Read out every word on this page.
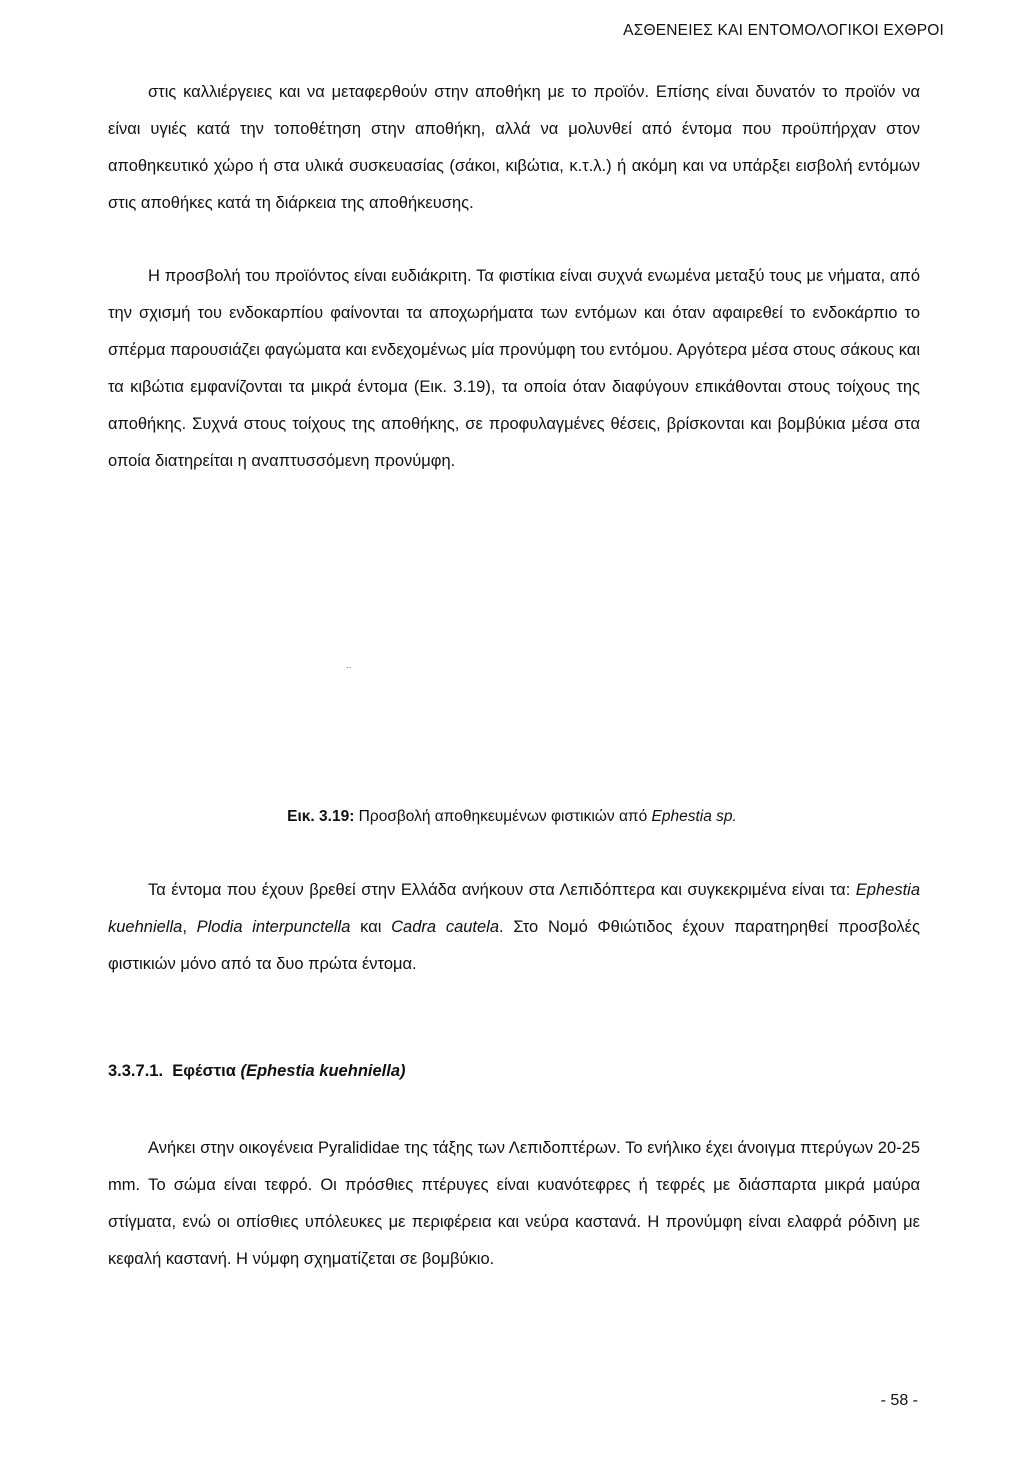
ΑΣΘΕΝΕΙΕΣ ΚΑΙ ΕΝΤΟΜΟΛΟΓΙΚΟΙ ΕΧΘΡΟΙ

στις καλλιέργειες και να μεταφερθούν στην αποθήκη με το προϊόν. Επίσης είναι δυνατόν το προϊόν να είναι υγιές κατά την τοποθέτηση στην αποθήκη, αλλά να μολυνθεί από έντομα που προϋπήρχαν στον αποθηκευτικό χώρο ή στα υλικά συσκευασίας (σάκοι, κιβώτια, κ.τ.λ.) ή ακόμη και να υπάρξει εισβολή εντόμων στις αποθήκες κατά τη διάρκεια της αποθήκευσης.

Η προσβολή του προϊόντος είναι ευδιάκριτη. Τα φιστίκια είναι συχνά ενωμένα μεταξύ τους με νήματα, από την σχισμή του ενδοκαρπίου φαίνονται τα αποχωρήματα των εντόμων και όταν αφαιρεθεί το ενδοκάρπιο το σπέρμα παρουσιάζει φαγώματα και ενδεχομένως μία προνύμφη του εντόμου. Αργότερα μέσα στους σάκους και τα κιβώτια εμφανίζονται τα μικρά έντομα (Εικ. 3.19), τα οποία όταν διαφύγουν επικάθονται στους τοίχους της αποθήκης. Συχνά στους τοίχους της αποθήκης, σε προφυλαγμένες θέσεις, βρίσκονται και βομβύκια μέσα στα οποία διατηρείται η αναπτυσσόμενη προνύμφη.

..
Εικ. 3.19: Προσβολή αποθηκευμένων φιστικιών από Ephestia sp.

Τα έντομα που έχουν βρεθεί στην Ελλάδα ανήκουν στα Λεπιδόπτερα και συγκεκριμένα είναι τα: Ephestia kuehniella, Plodia interpunctella και Cadra cautela. Στο Νομό Φθιώτιδος έχουν παρατηρηθεί προσβολές φιστικιών μόνο από τα δυο πρώτα έντομα.

3.3.7.1. Εφέστια (Ephestia kuehniella)

Ανήκει στην οικογένεια Pyralididae της τάξης των Λεπιδοπτέρων. Το ενήλικο έχει άνοιγμα πτερύγων 20-25 mm. Το σώμα είναι τεφρό. Οι πρόσθιες πτέρυγες είναι κυανότεφρες ή τεφρές με διάσπαρτα μικρά μαύρα στίγματα, ενώ οι οπίσθιες υπόλευκες με περιφέρεια και νεύρα καστανά. Η προνύμφη είναι ελαφρά ρόδινη με κεφαλή καστανή. Η νύμφη σχηματίζεται σε βομβύκιο.

- 58 -
